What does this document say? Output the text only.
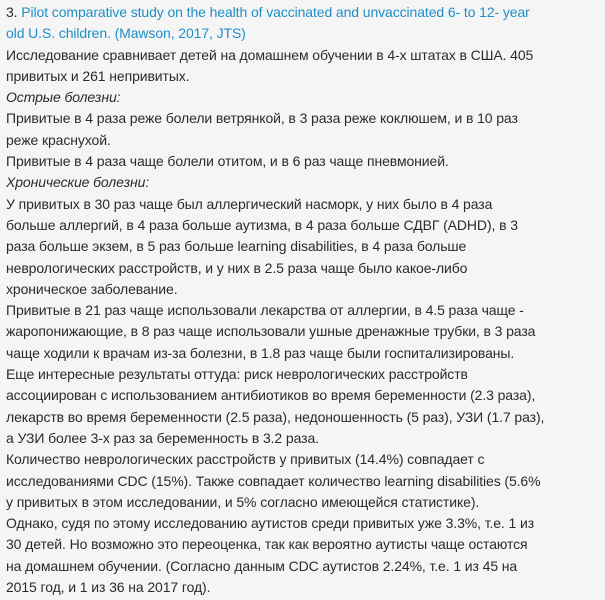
3. Pilot comparative study on the health of vaccinated and unvaccinated 6- to 12- year
old U.S. children. (Mawson, 2017, JTS)
Исследование сравнивает детей на домашнем обучении в 4-х штатах в США. 405
привитых и 261 непривитых.
Острые болезни:
Привитые в 4 раза реже болели ветрянкой, в 3 раза реже коклюшем, и в 10 раз
реже краснухой.
Привитые в 4 раза чаще болели отитом, и в 6 раз чаще пневмонией.
Хронические болезни:
У привитых в 30 раз чаще был аллергический насморк, у них было в 4 раза
больше аллергий, в 4 раза больше аутизма, в 4 раза больше СДВГ (ADHD), в 3
раза больше экзем, в 5 раз больше learning disabilities, в 4 раза больше
неврологических расстройств, и у них в 2.5 раза чаще было какое-либо
хроническое заболевание.
Привитые в 21 раз чаще использовали лекарства от аллергии, в 4.5 раза чаще -
жаропонижающие, в 8 раз чаще использовали ушные дренажные трубки, в 3 раза
чаще ходили к врачам из-за болезни, в 1.8 раз чаще были госпитализированы.
Еще интересные результаты оттуда: риск неврологических расстройств
ассоциирован с использованием антибиотиков во время беременности (2.3 раза),
лекарств во время беременности (2.5 раза), недоношенность (5 раз), УЗИ (1.7 раз),
а УЗИ более 3-х раз за беременность в 3.2 раза.
Количество неврологических расстройств у привитых (14.4%) совпадает с
исследованиями CDC (15%). Также совпадает количество learning disabilities (5.6%
у привитых в этом исследовании, и 5% согласно имеющейся статистике).
Однако, судя по этому исследованию аутистов среди привитых уже 3.3%, т.е. 1 из
30 детей. Но возможно это переоценка, так как вероятно аутисты чаще остаются
на домашнем обучении. (Согласно данным CDC аутистов 2.24%, т.е. 1 из 45 на
2015 год, и 1 из 36 на 2017 год).
